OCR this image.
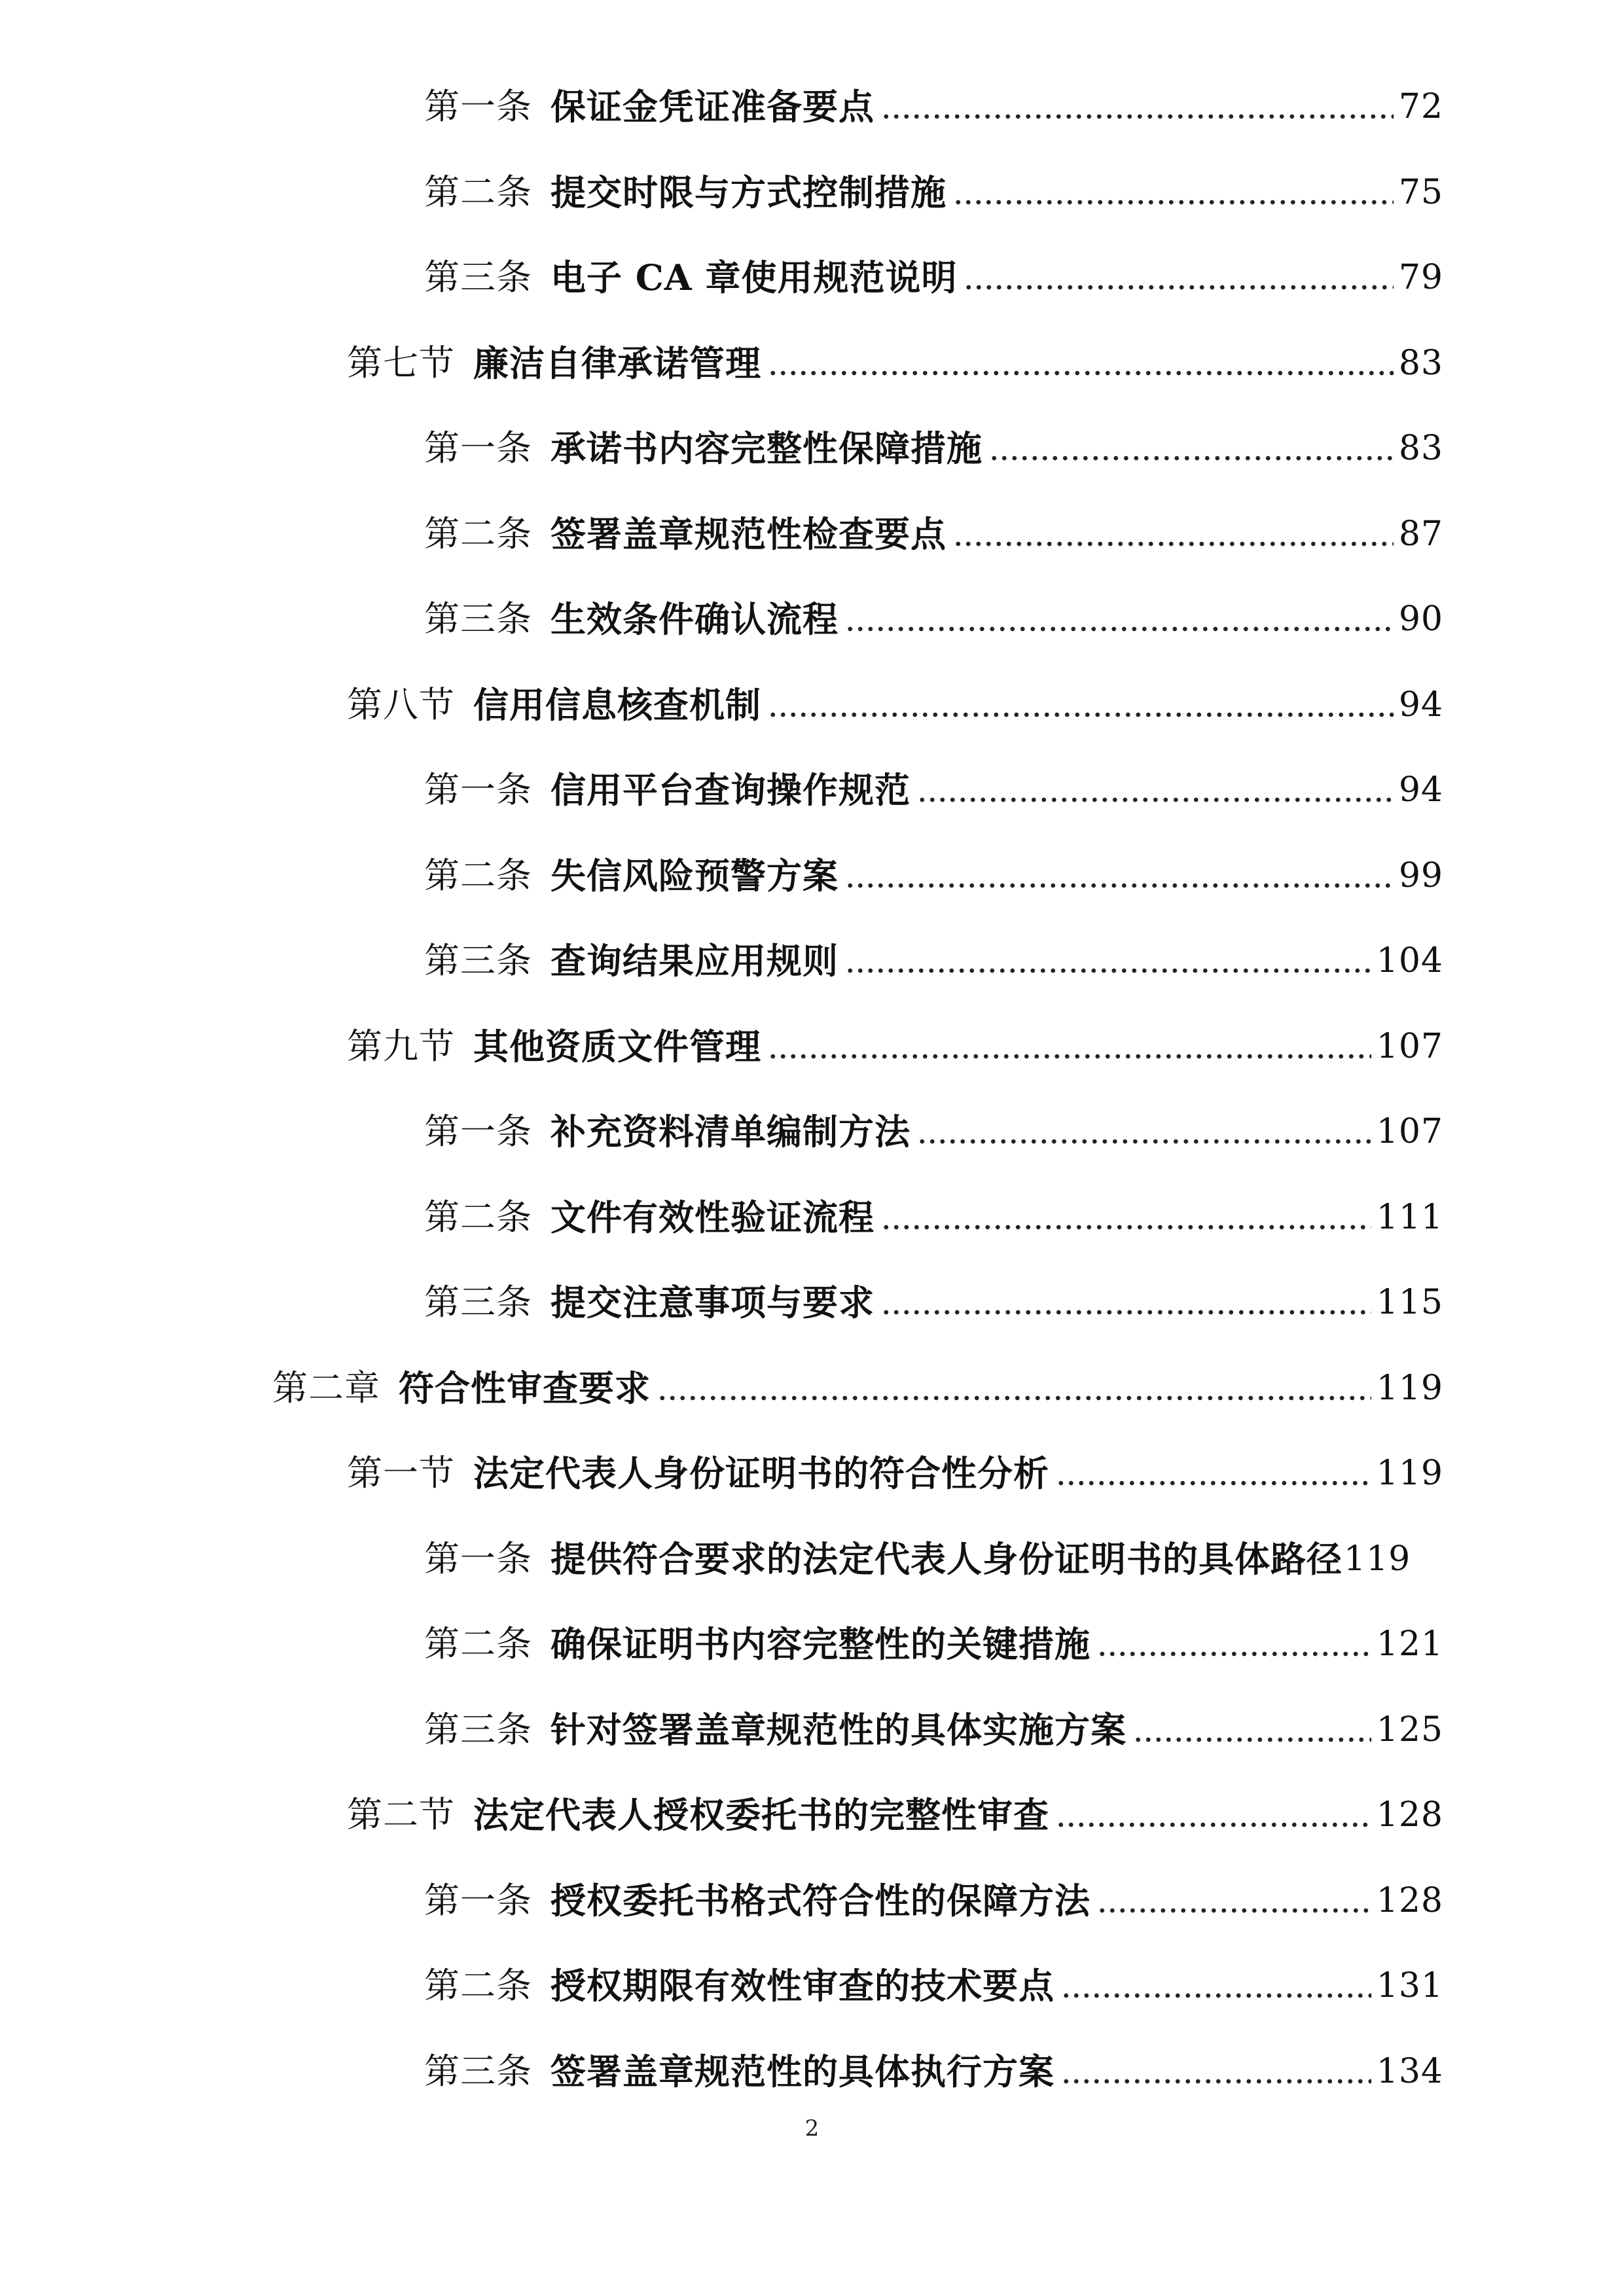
第一条 保证金凭证准备要点	72
第二条 提交时限与方式控制措施	75
第三条 电子 CA 章使用规范说明	79
第七节 廉洁自律承诺管理	83
第一条 承诺书内容完整性保障措施	83
第二条 签署盖章规范性检查要点	87
第三条 生效条件确认流程	90
第八节 信用信息核查机制	94
第一条 信用平台查询操作规范	94
第二条 失信风险预警方案	99
第三条 查询结果应用规则	104
第九节 其他资质文件管理	107
第一条 补充资料清单编制方法	107
第二条 文件有效性验证流程	111
第三条 提交注意事项与要求	115
第二章 符合性审查要求	119
第一节 法定代表人身份证明书的符合性分析	119
第一条 提供符合要求的法定代表人身份证明书的具体路径 119
第二条 确保证明书内容完整性的关键措施	121
第三条 针对签署盖章规范性的具体实施方案	125
第二节 法定代表人授权委托书的完整性审查	128
第一条 授权委托书格式符合性的保障方法	128
第二条 授权期限有效性审查的技术要点	131
第三条 签署盖章规范性的具体执行方案	134
2
